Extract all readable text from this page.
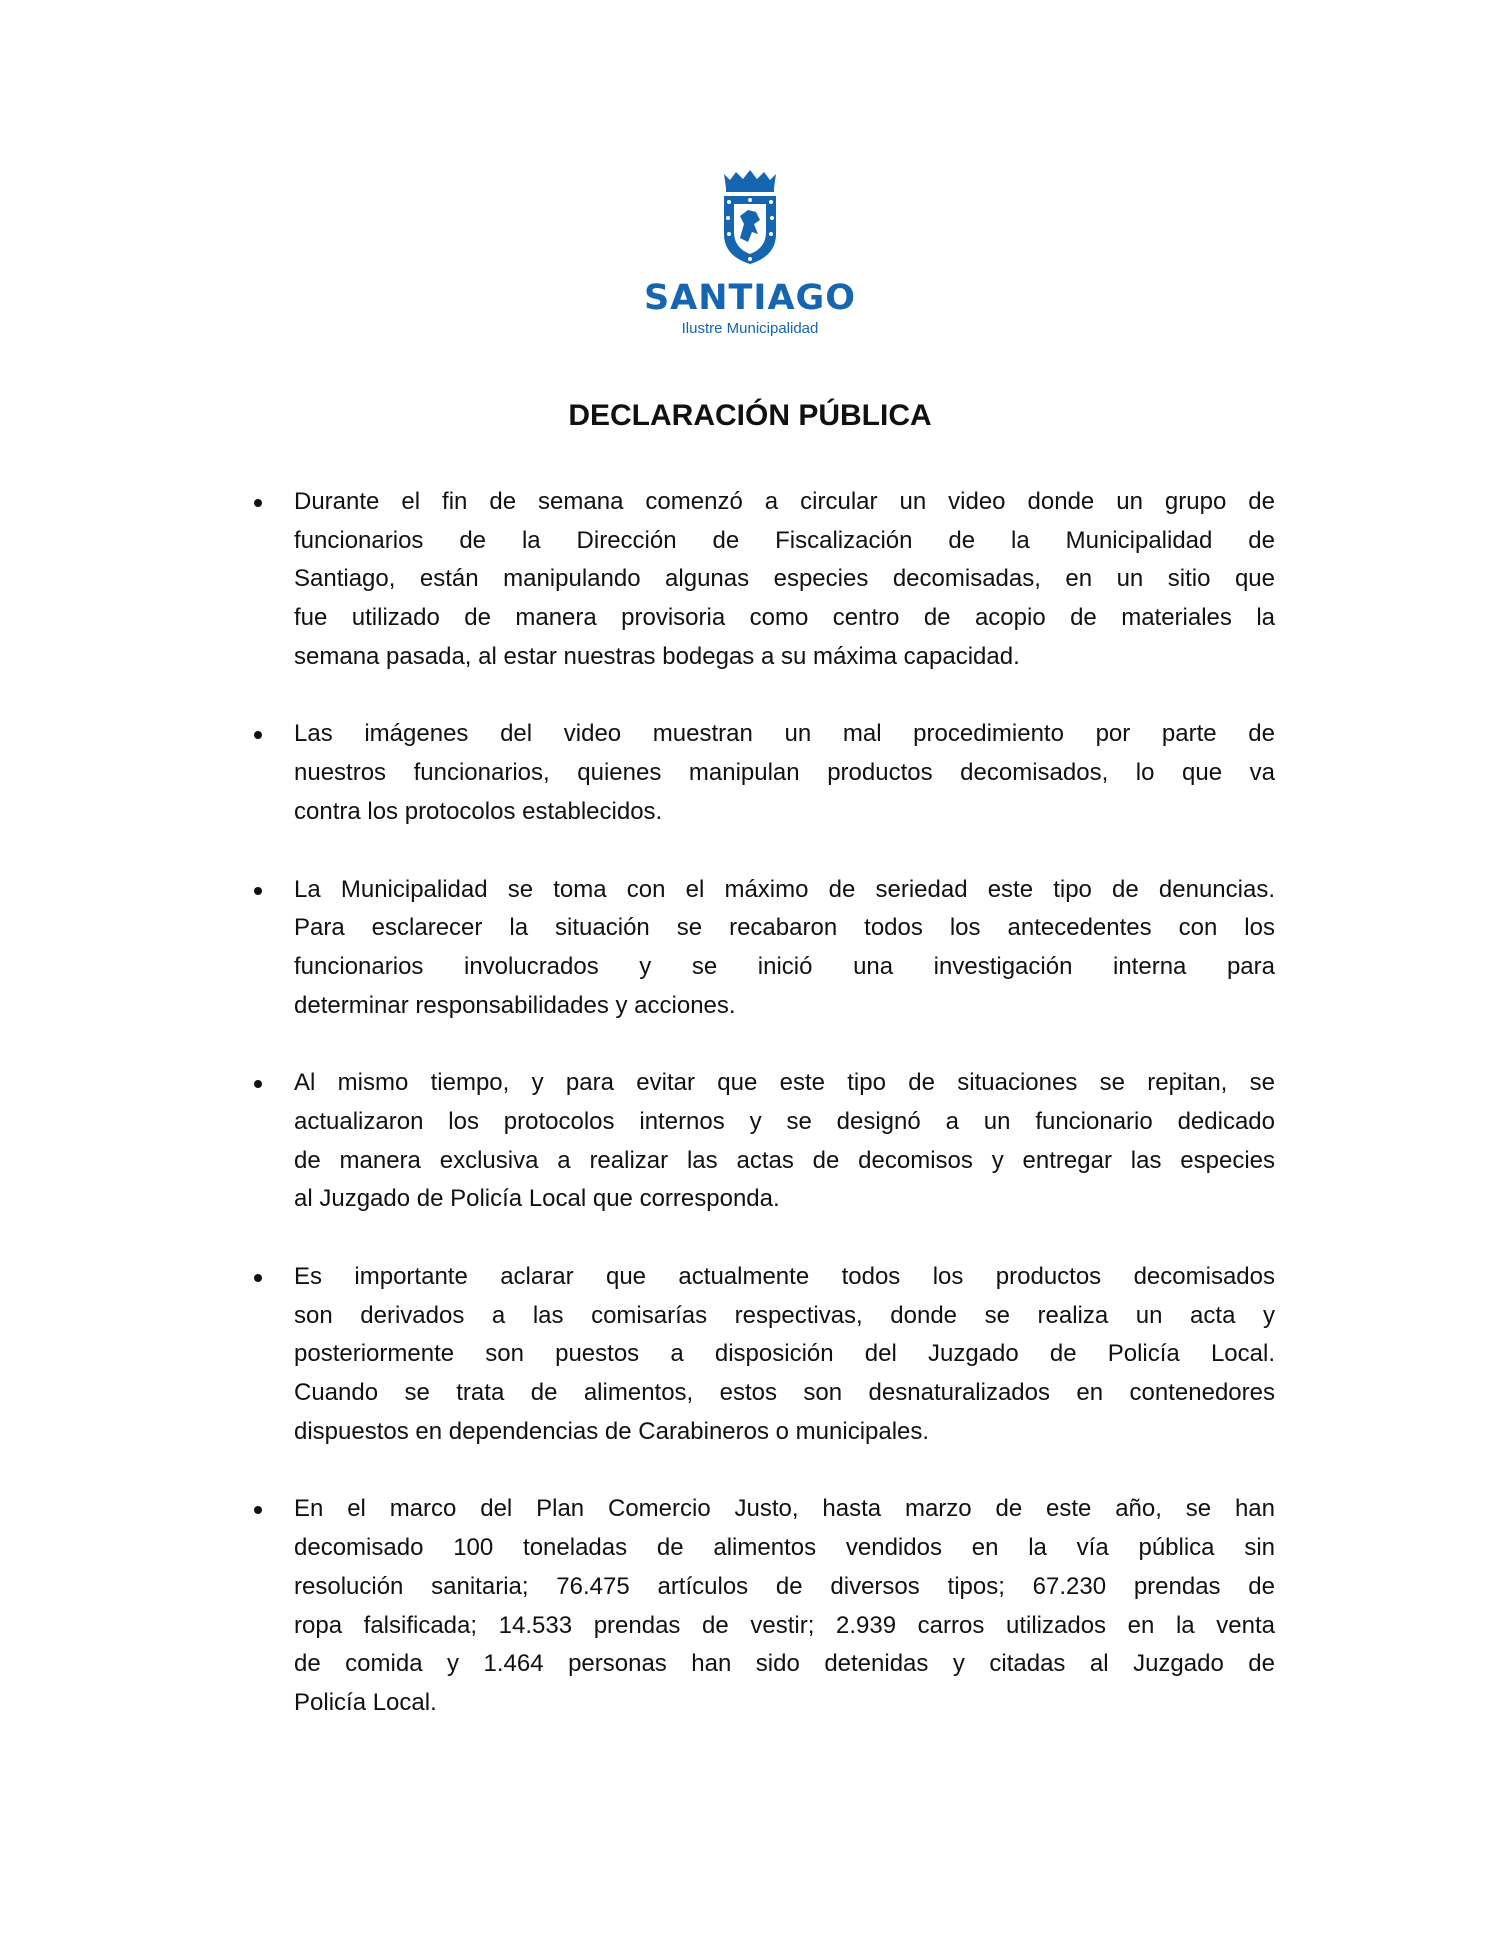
SANTIAGO
Ilustre Municipalidad
DECLARACIÓN PÚBLICA
Durante el fin de semana comenzó a circular un video donde un grupo de
funcionarios de la Dirección de Fiscalización de la Municipalidad de
Santiago, están manipulando algunas especies decomisadas, en un sitio que
fue utilizado de manera provisoria como centro de acopio de materiales la
semana pasada, al estar nuestras bodegas a su máxima capacidad.
Las imágenes del video muestran un mal procedimiento por parte de
nuestros funcionarios, quienes manipulan productos decomisados, lo que va
contra los protocolos establecidos.
La Municipalidad se toma con el máximo de seriedad este tipo de denuncias.
Para esclarecer la situación se recabaron todos los antecedentes con los
funcionarios involucrados y se inició una investigación interna para
determinar responsabilidades y acciones.
Al mismo tiempo, y para evitar que este tipo de situaciones se repitan, se
actualizaron los protocolos internos y se designó a un funcionario dedicado
de manera exclusiva a realizar las actas de decomisos y entregar las especies
al Juzgado de Policía Local que corresponda.
Es importante aclarar que actualmente todos los productos decomisados
son derivados a las comisarías respectivas, donde se realiza un acta y
posteriormente son puestos a disposición del Juzgado de Policía Local.
Cuando se trata de alimentos, estos son desnaturalizados en contenedores
dispuestos en dependencias de Carabineros o municipales.
En el marco del Plan Comercio Justo, hasta marzo de este año, se han
decomisado 100 toneladas de alimentos vendidos en la vía pública sin
resolución sanitaria; 76.475 artículos de diversos tipos; 67.230 prendas de
ropa falsificada; 14.533 prendas de vestir; 2.939 carros utilizados en la venta
de comida y 1.464 personas han sido detenidas y citadas al Juzgado de
Policía Local.
